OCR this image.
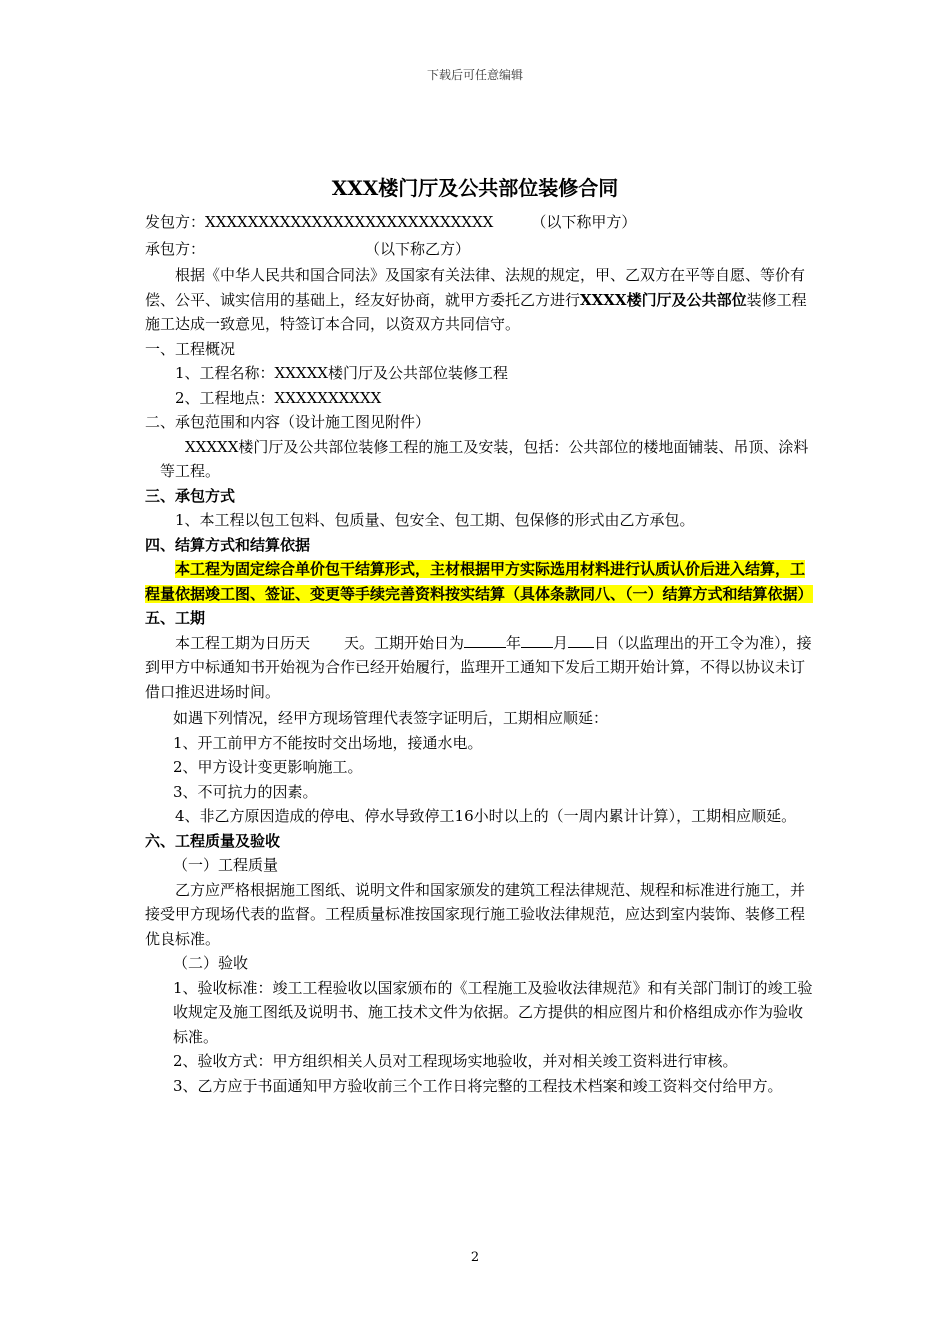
下载后可任意编辑
XXX楼门厅及公共部位装修合同

发包方：XXXXXXXXXXXXXXXXXXXXXXXXXXX	（以下称甲方）

承包方：	（以下称乙方）

根据《中华人民共和国合同法》及国家有关法律、法规的规定，甲、乙双方在平等自愿、等价有偿、公平、诚实信用的基础上，经友好协商，就甲方委托乙方进行XXXX楼门厅及公共部位装修工程施工达成一致意见，特签订本合同，以资双方共同信守。

一、工程概况

1、工程名称：XXXXX楼门厅及公共部位装修工程

2、工程地点：XXXXXXXXXX

二、承包范围和内容（设计施工图见附件）

XXXXX楼门厅及公共部位装修工程的施工及安装，包括：公共部位的楼地面铺装、吊顶、涂料等工程。

三、承包方式

1、本工程以包工包料、包质量、包安全、包工期、包保修的形式由乙方承包。

四、结算方式和结算依据

本工程为固定综合单价包干结算形式，主材根据甲方实际选用材料进行认质认价后进入结算，工程量依据竣工图、签证、变更等手续完善资料按实结算（具体条款同八、（一）结算方式和结算依据）

五、工期

本工程工期为日历天 天。工期开始日为	年 月 日（以监理出的开工令为准），接到甲方中标通知书开始视为合作已经开始履行，监理开工通知下发后工期开始计算，不得以协议未订借口推迟进场时间。

如遇下列情况，经甲方现场管理代表签字证明后，工期相应顺延：

1、开工前甲方不能按时交出场地，接通水电。

2、甲方设计变更影响施工。

3、不可抗力的因素。

4、非乙方原因造成的停电、停水导致停工16小时以上的（一周内累计计算），工期相应顺延。

六、工程质量及验收

（一）工程质量

乙方应严格根据施工图纸、说明文件和国家颁发的建筑工程法律规范、规程和标准进行施工，并接受甲方现场代表的监督。工程质量标准按国家现行施工验收法律规范，应达到室内装饰、装修工程优良标准。

（二）验收

1、验收标准：竣工工程验收以国家颁布的《工程施工及验收法律规范》和有关部门制订的竣工验收规定及施工图纸及说明书、施工技术文件为依据。乙方提供的相应图片和价格组成亦作为验收标准。

2、验收方式：甲方组织相关人员对工程现场实地验收，并对相关竣工资料进行审核。

3、乙方应于书面通知甲方验收前三个工作日将完整的工程技术档案和竣工资料交付给甲方。

2
